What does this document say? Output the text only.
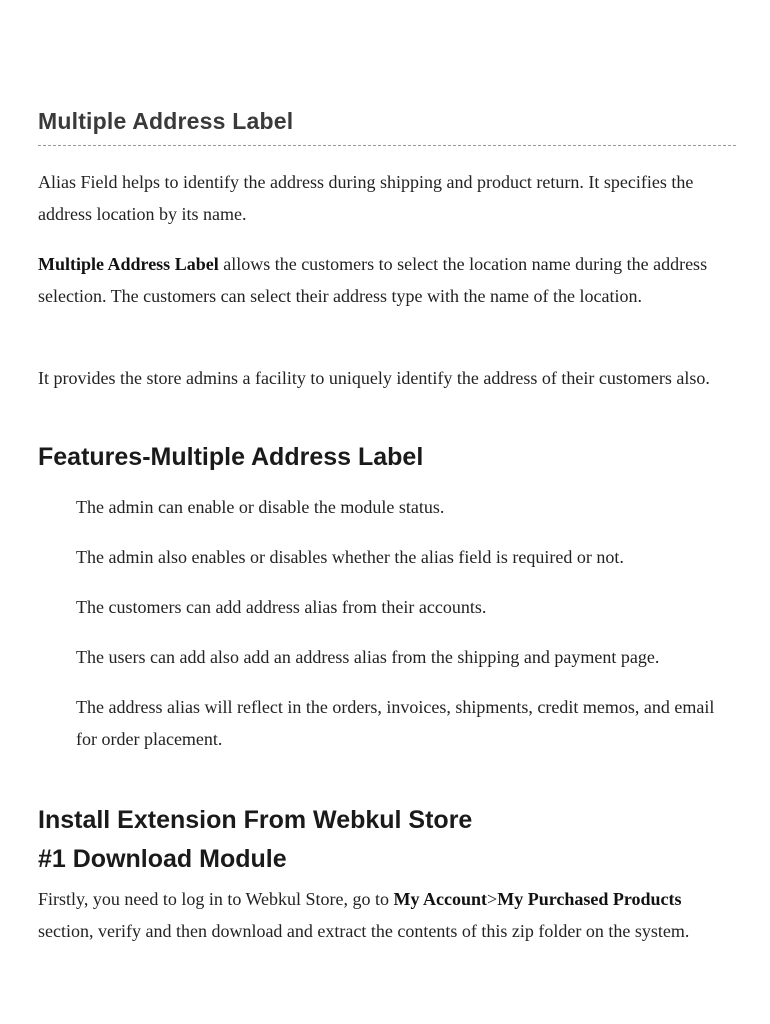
Multiple Address Label

Alias Field helps to identify the address during shipping and product return. It specifies the address location by its name.

Multiple Address Label allows the customers to select the location name during the address selection. The customers can select their address type with the name of the location.

It provides the store admins a facility to uniquely identify the address of their customers also.

Features-Multiple Address Label
The admin can enable or disable the module status.
The admin also enables or disables whether the alias field is required or not.
The customers can add address alias from their accounts.
The users can add also add an address alias from the shipping and payment page.
The address alias will reflect in the orders, invoices, shipments, credit memos, and email for order placement.
Install Extension From Webkul Store
#1 Download Module

Firstly, you need to log in to Webkul Store, go to My Account>My Purchased Products section, verify and then download and extract the contents of this zip folder on the system.
